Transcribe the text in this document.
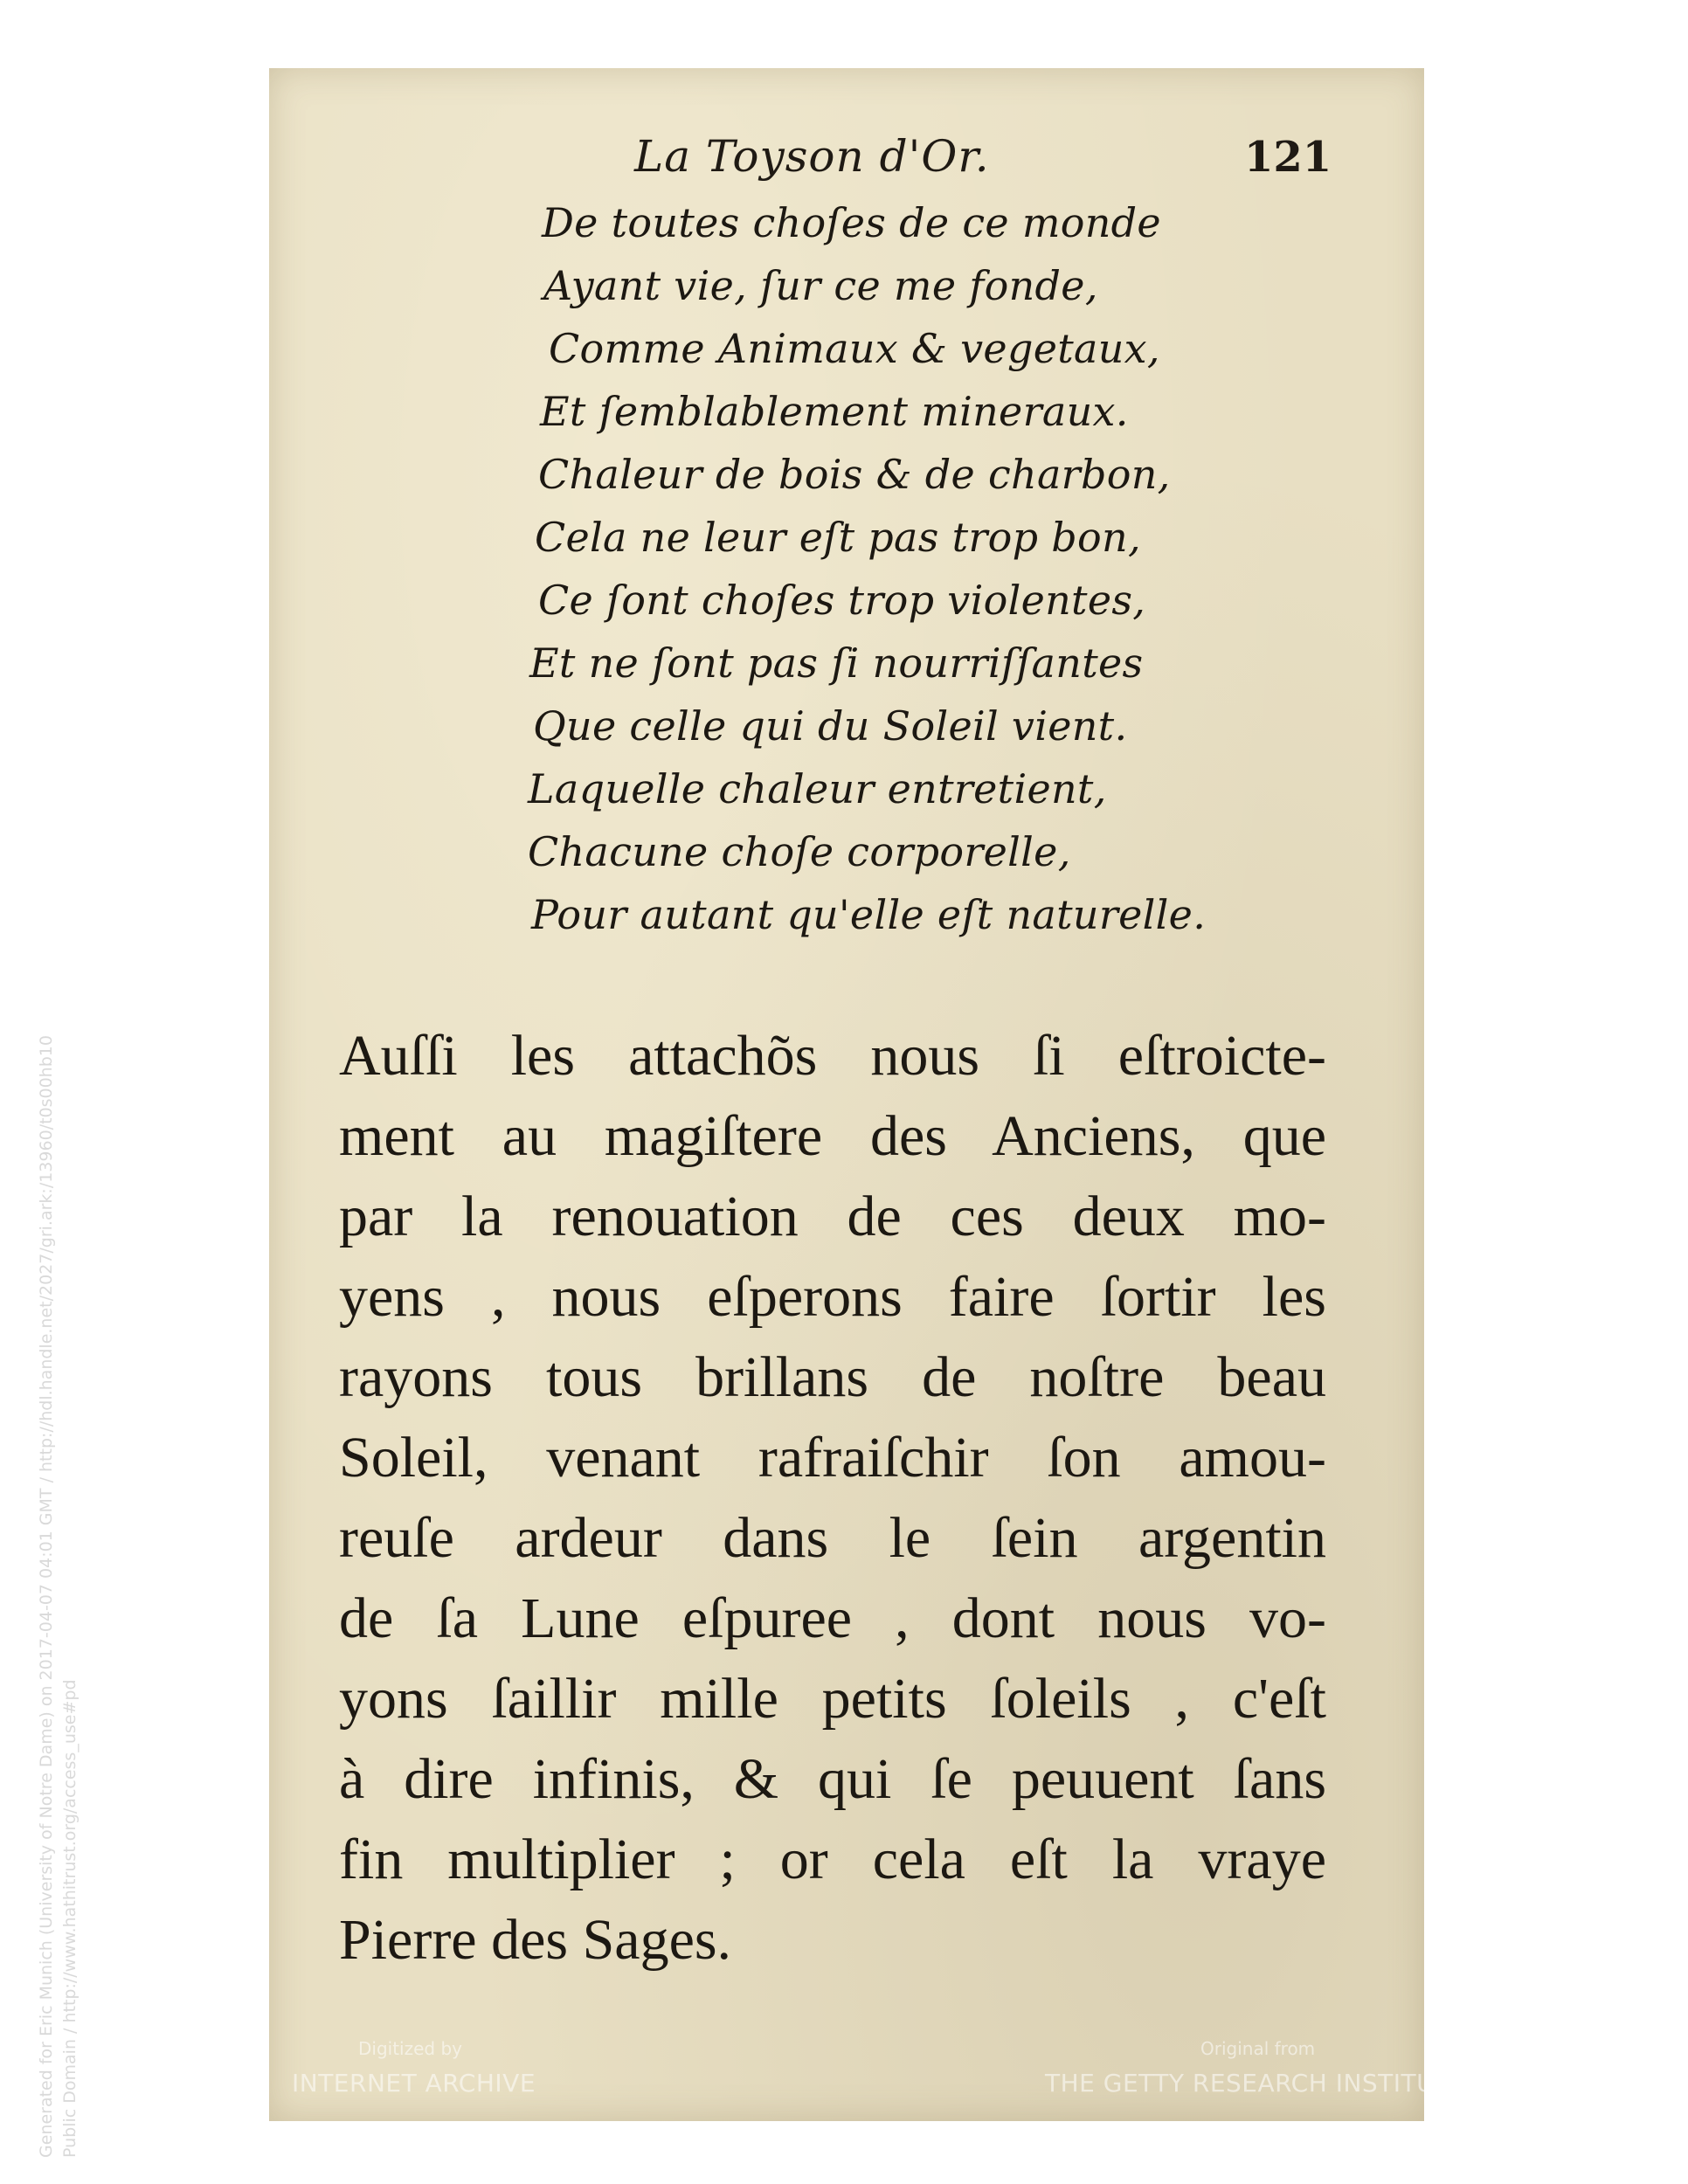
Generated for Eric Munich (University of Notre Dame) on 2017-04-07 04:01 GMT / http://hdl.handle.net/2027/gri.ark:/13960/t0s00hb10 Public Domain / http://www.hathitrust.org/access_use#pd
La Toyson d'Or.	121
De toutes choſes de ce monde
Ayant vie, ſur ce me fonde,
Comme Animaux & vegetaux,
Et ſemblablement mineraux.
Chaleur de bois & de charbon,
Cela ne leur eſt pas trop bon,
Ce ſont choſes trop violentes,
Et ne ſont pas ſi nourriſſantes
Que celle qui du Soleil vient.
Laquelle chaleur entretient,
Chacune choſe corporelle,
Pour autant qu'elle eſt naturelle.
Auſſi les attachõs nous ſi eſtroicte-
ment au magiſtere des Anciens, que
par la renouation de ces deux mo-
yens , nous eſperons faire ſortir les
rayons tous brillans de noſtre beau
Soleil, venant rafraiſchir ſon amou-
reuſe ardeur dans le ſein argentin
de ſa Lune eſpuree , dont nous vo-
yons ſaillir mille petits ſoleils , c'eſt
à dire infinis, & qui ſe peuuent ſans
fin multiplier ; or cela eſt la vraye
Pierre des Sages.
Digitized by
INTERNET ARCHIVE
Original from
THE GETTY RESEARCH INSTITUTE
